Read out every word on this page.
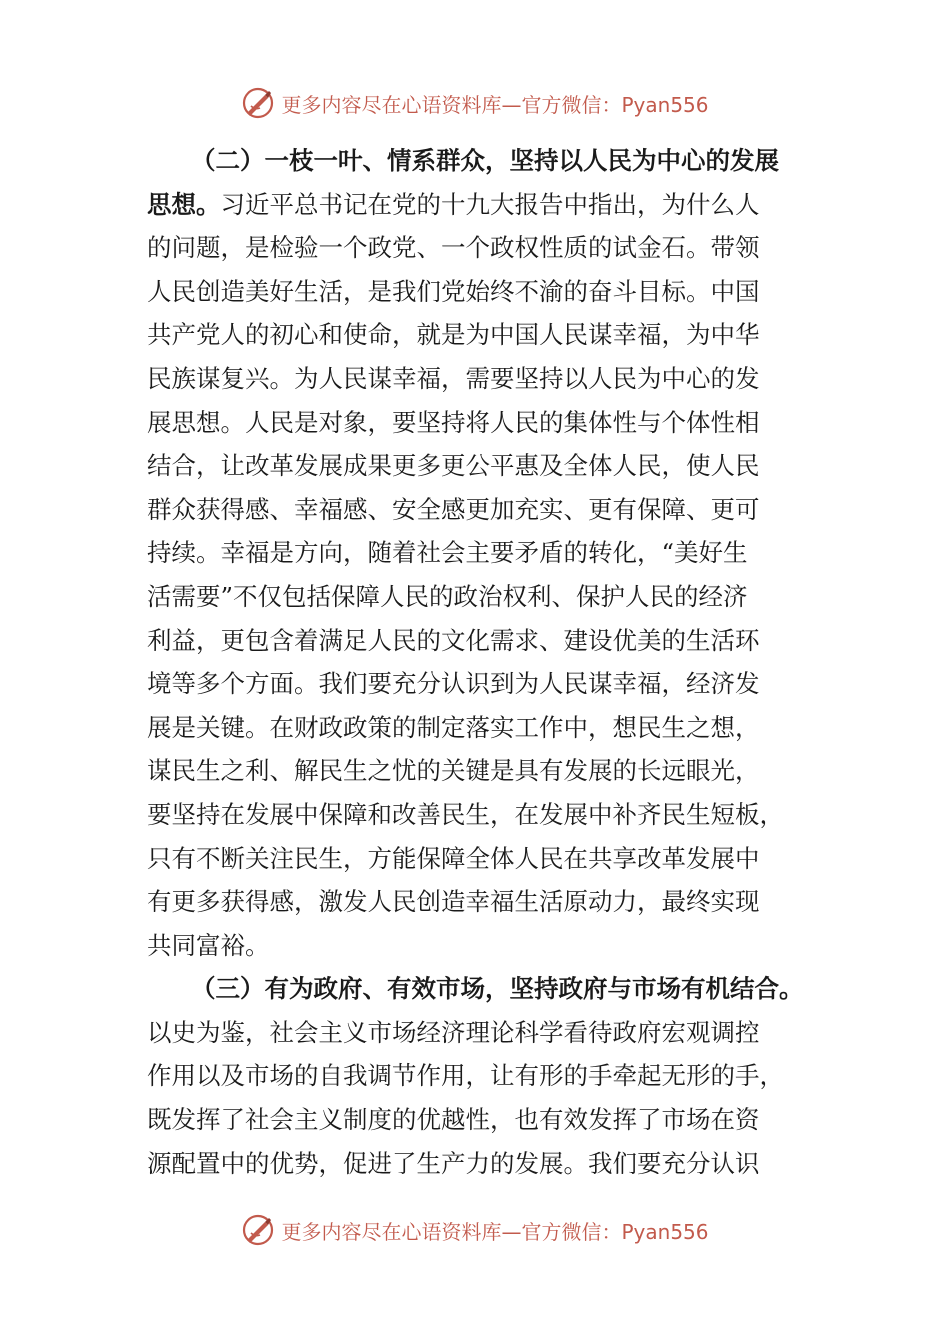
更多内容尽在心语资料库—官方微信：Pyan556
（二）一枝一叶、情系群众，坚持以人民为中心的发展
思想。习近平总书记在党的十九大报告中指出，为什么人
的问题，是检验一个政党、一个政权性质的试金石。带领
人民创造美好生活，是我们党始终不渝的奋斗目标。中国
共产党人的初心和使命，就是为中国人民谋幸福，为中华
民族谋复兴。为人民谋幸福，需要坚持以人民为中心的发
展思想。人民是对象，要坚持将人民的集体性与个体性相
结合，让改革发展成果更多更公平惠及全体人民，使人民
群众获得感、幸福感、安全感更加充实、更有保障、更可
持续。幸福是方向，随着社会主要矛盾的转化，“美好生
活需要”不仅包括保障人民的政治权利、保护人民的经济
利益，更包含着满足人民的文化需求、建设优美的生活环
境等多个方面。我们要充分认识到为人民谋幸福，经济发
展是关键。在财政政策的制定落实工作中，想民生之想，
谋民生之利、解民生之忧的关键是具有发展的长远眼光，
要坚持在发展中保障和改善民生，在发展中补齐民生短板，
只有不断关注民生，方能保障全体人民在共享改革发展中
有更多获得感，激发人民创造幸福生活原动力，最终实现
共同富裕。
（三）有为政府、有效市场，坚持政府与市场有机结合。
以史为鉴，社会主义市场经济理论科学看待政府宏观调控
作用以及市场的自我调节作用，让有形的手牵起无形的手，
既发挥了社会主义制度的优越性，也有效发挥了市场在资
源配置中的优势，促进了生产力的发展。我们要充分认识
更多内容尽在心语资料库—官方微信：Pyan556
